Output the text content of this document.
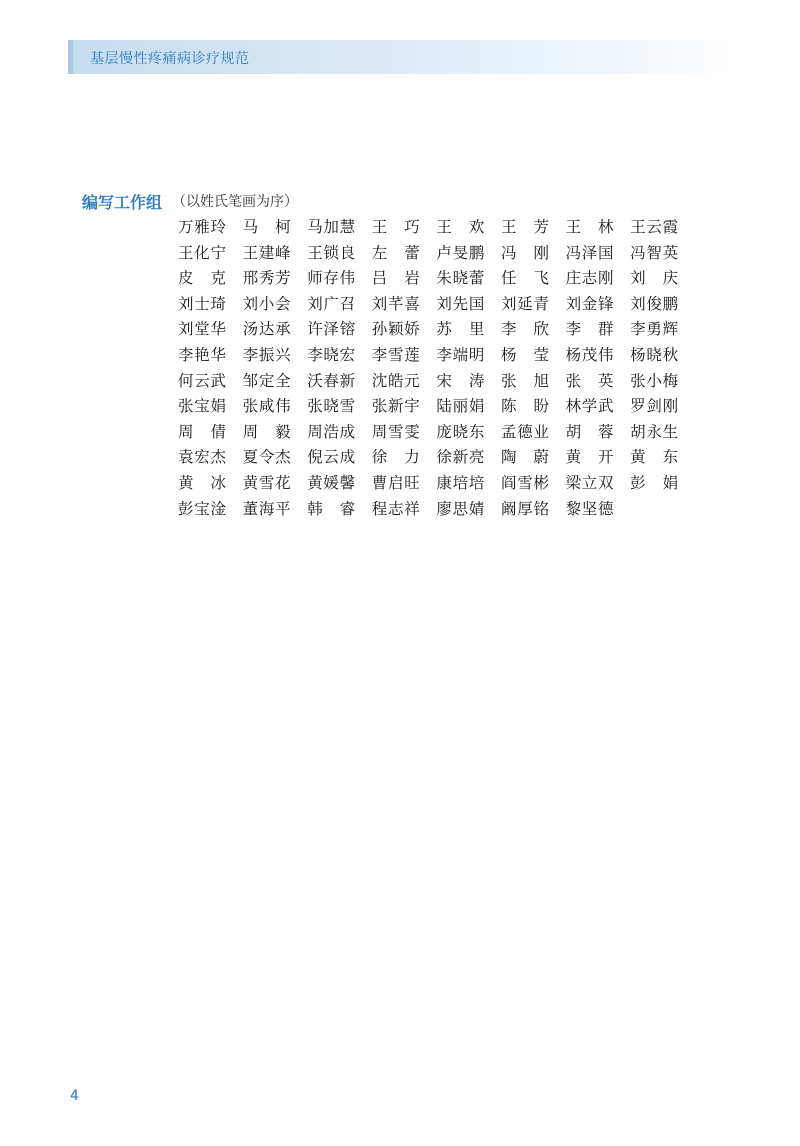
基层慢性疼痛病诊疗规范
编写工作组 （以姓氏笔画为序）
万 雅 玲 马 柯 马 加 慧 王 巧 王 欢 王 芳 王 林 王 云 霞
王 化 宁 王 建 峰 王 锁 良 左 蕾 卢 旻 鹏 冯 刚 冯 泽 国 冯 智 英
皮 克 邢 秀 芳 师 存 伟 吕 岩 朱 晓 蕾 任 飞 庄 志 刚 刘 庆
刘 士 琦 刘 小 会 刘 广 召 刘 芊 喜 刘 先 国 刘 延 青 刘 金 锋 刘 俊 鹏
刘 堂 华 汤 达 承 许 泽 镕 孙 颖 娇 苏 里 李 欣 李 群 李 勇 辉
李 艳 华 李 振 兴 李 晓 宏 李 雪 莲 李 端 明 杨 莹 杨 茂 伟 杨 晓 秋
何 云 武 邹 定 全 沃 春 新 沈 皓 元 宋 涛 张 旭 张 英 张 小 梅
张 宝 娟 张 咸 伟 张 晓 雪 张 新 宇 陆 丽 娟 陈 盼 林 学 武 罗 剑 刚
周 倩 周 毅 周 浩 成 周 雪 雯 庞 晓 东 孟 德 业 胡 蓉 胡 永 生
袁 宏 杰 夏 令 杰 倪 云 成 徐 力 徐 新 亮 陶 蔚 黄 开 黄 东
黄 冰 黄 雪 花 黄 媛 馨 曹 启 旺 康 培 培 阎 雪 彬 梁 立 双 彭 娟
彭 宝 淦 董 海 平 韩 睿 程 志 祥 廖 思 婧 阚 厚 铭 黎 坚 德
4
